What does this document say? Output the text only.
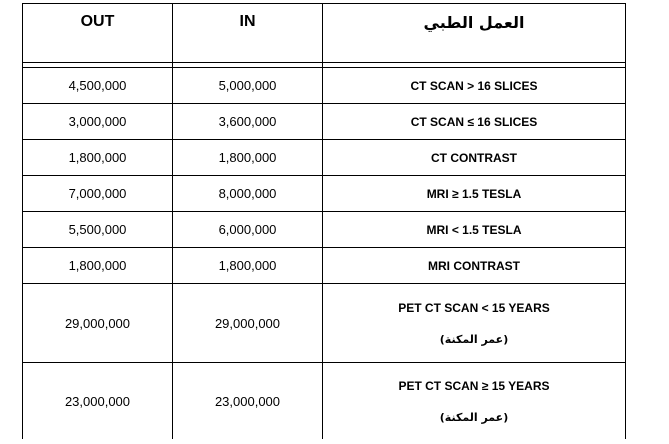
OUT	IN	العمل الطبي

4,500,000	5,000,000	CT SCAN > 16 SLICES
3,000,000	3,600,000	CT SCAN ≤ 16 SLICES
1,800,000	1,800,000	CT CONTRAST
7,000,000	8,000,000	MRI ≥ 1.5 TESLA
5,500,000	6,000,000	MRI < 1.5 TESLA
1,800,000	1,800,000	MRI CONTRAST
29,000,000	29,000,000	PET CT SCAN < 15 YEARS
(عمر المكنة)

23,000,000	23,000,000	PET CT SCAN ≥ 15 YEARS
(عمر المكنة)
